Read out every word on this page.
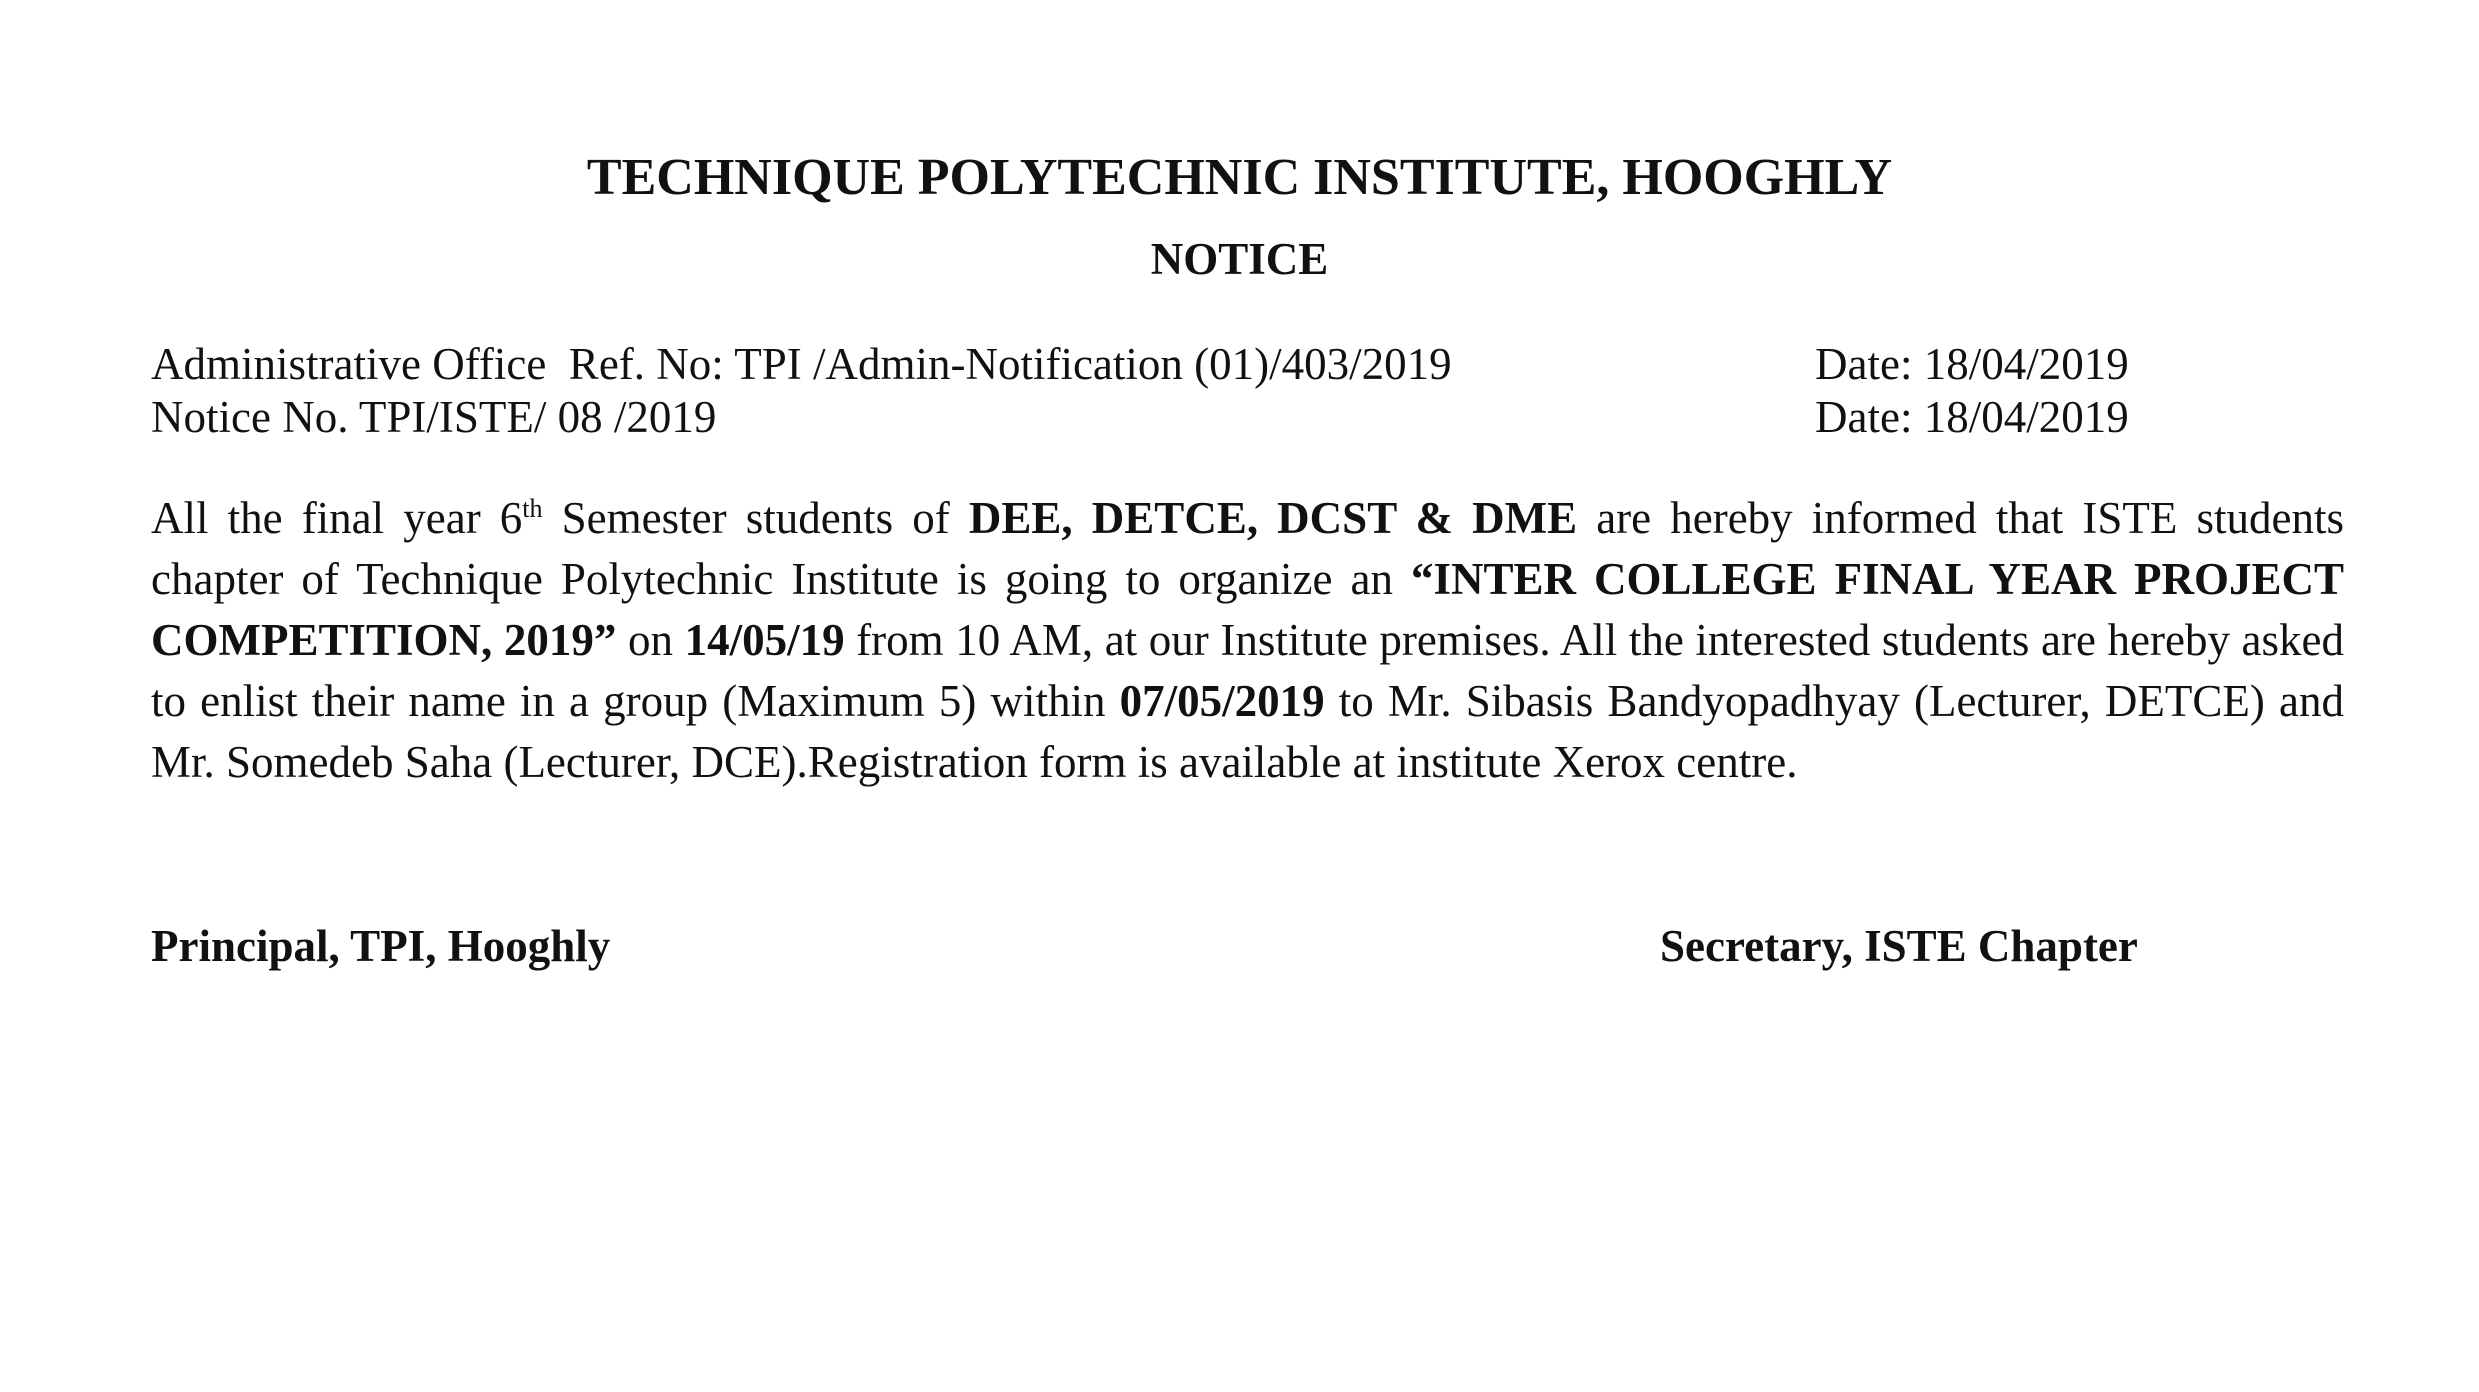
TECHNIQUE POLYTECHNIC INSTITUTE, HOOGHLY
NOTICE
Administrative Office  Ref. No: TPI /Admin-Notification (01)/403/2019	Date: 18/04/2019
Notice No. TPI/ISTE/ 08 /2019	Date: 18/04/2019
All the final year 6th Semester students of DEE, DETCE, DCST & DME are hereby informed that ISTE students chapter of Technique Polytechnic Institute is going to organize an “INTER COLLEGE FINAL YEAR PROJECT COMPETITION, 2019” on 14/05/19 from 10 AM, at our Institute premises. All the interested students are hereby asked to enlist their name in a group (Maximum 5) within 07/05/2019 to Mr. Sibasis Bandyopadhyay (Lecturer, DETCE) and Mr. Somedeb Saha (Lecturer, DCE).Registration form is available at institute Xerox centre.
Principal, TPI, Hooghly	Secretary, ISTE Chapter
